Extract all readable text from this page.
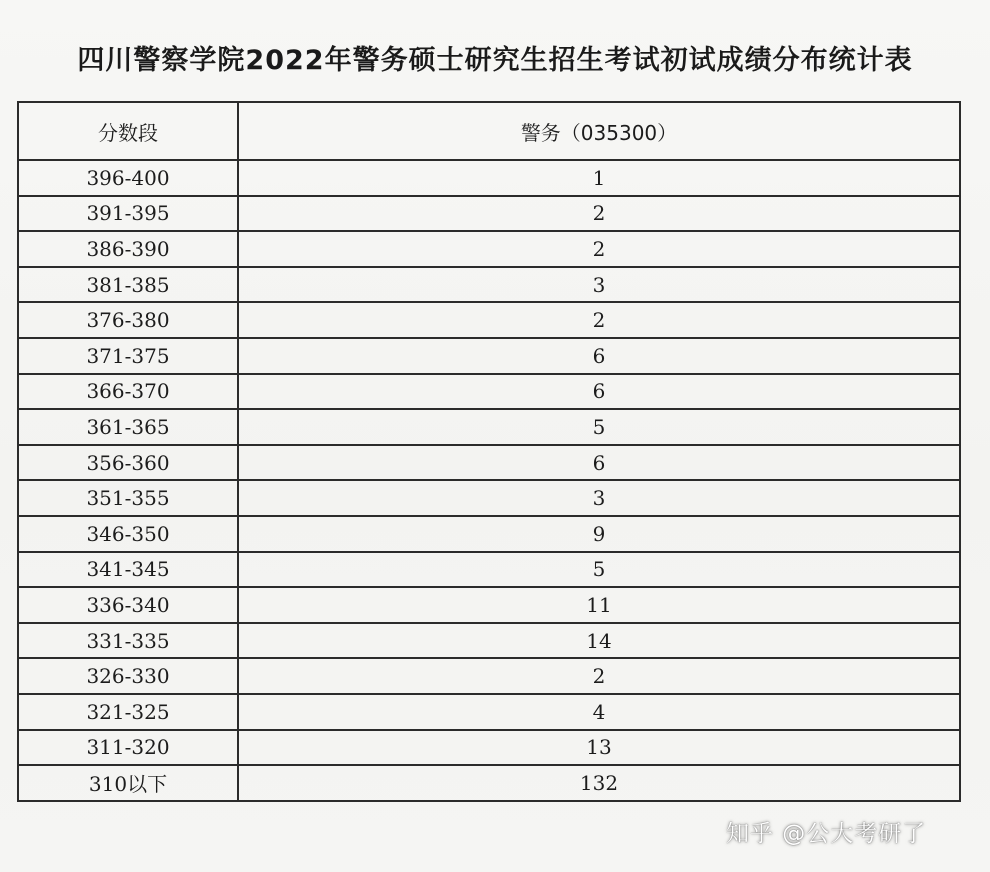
四川警察学院2022年警务硕士研究生招生考试初试成绩分布统计表
分数段	警务（035300）
396-400	1
391-395	2
386-390	2
381-385	3
376-380	2
371-375	6
366-370	6
361-365	5
356-360	6
351-355	3
346-350	9
341-345	5
336-340	11
331-335	14
326-330	2
321-325	4
311-320	13
310以下	132
知乎 @公大考研了
